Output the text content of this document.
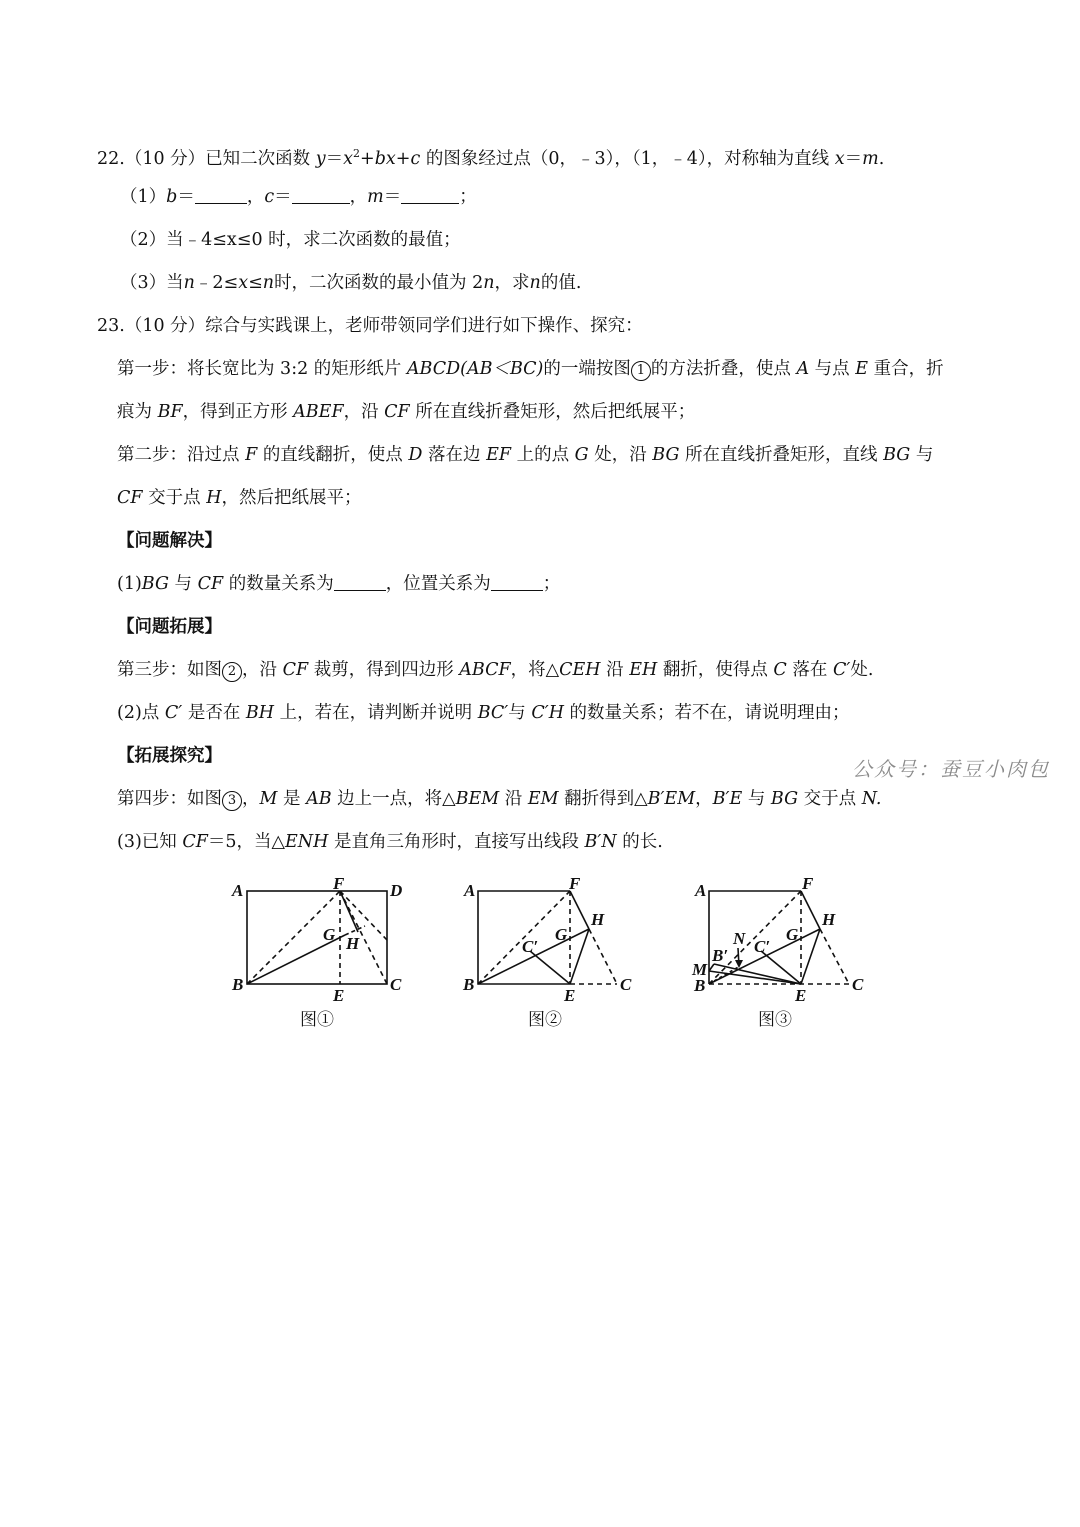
22.（10 分）已知二次函数 $y=x^2+bx+c$ 的图象经过点（0，﹣3），（1，﹣4），对称轴为直线 x＝m.
（1）b＝	，c＝	，m＝	；
（2）当﹣4≤x≤0 时，求二次函数的最值；
（3）当n﹣2≤x≤n时，二次函数的最小值为 2n，求n的值.
23.（10 分）综合与实践课上，老师带领同学们进行如下操作、探究：
第一步：将长宽比为 3:2 的矩形纸片 ABCD(AB＜BC)的一端按图 1 的方法折叠，使点 A 与点 E 重合，折
痕为 BF，得到正方形 ABEF，沿 CF 所在直线折叠矩形，然后把纸展平；
第二步：沿过点 F 的直线翻折，使点 D 落在边 EF 上的点 G 处，沿 BG 所在直线折叠矩形，直线 BG 与
CF 交于点 H，然后把纸展平；
【问题解决】
(1)BG 与 CF 的数量关系为	，位置关系为	；
【问题拓展】
第三步：如图 2 ，沿 CF 裁剪，得到四边形 ABCF，将△CEH 沿 EH 翻折，使得点 C 落在 C′处.
(2)点 C′ 是否在 BH 上，若在，请判断并说明 BC′与 C′H 的数量关系；若不在，请说明理由；
【拓展探究】
公众号：蚕豆小肉包
第四步：如图 3 ，M 是 AB 边上一点，将△BEM 沿 EM 翻折得到△B′EM，B′E 与 BG 交于点 N.
(3)已知 CF＝5，当△ENH 是直角三角形时，直接写出线段 B′N 的长.
A	F	D
G H
B
E
C
图①
A	F
H
G
C′
B
E
C
图②
A	F
H
N G
C′
B′
M
B
E
C
图③
